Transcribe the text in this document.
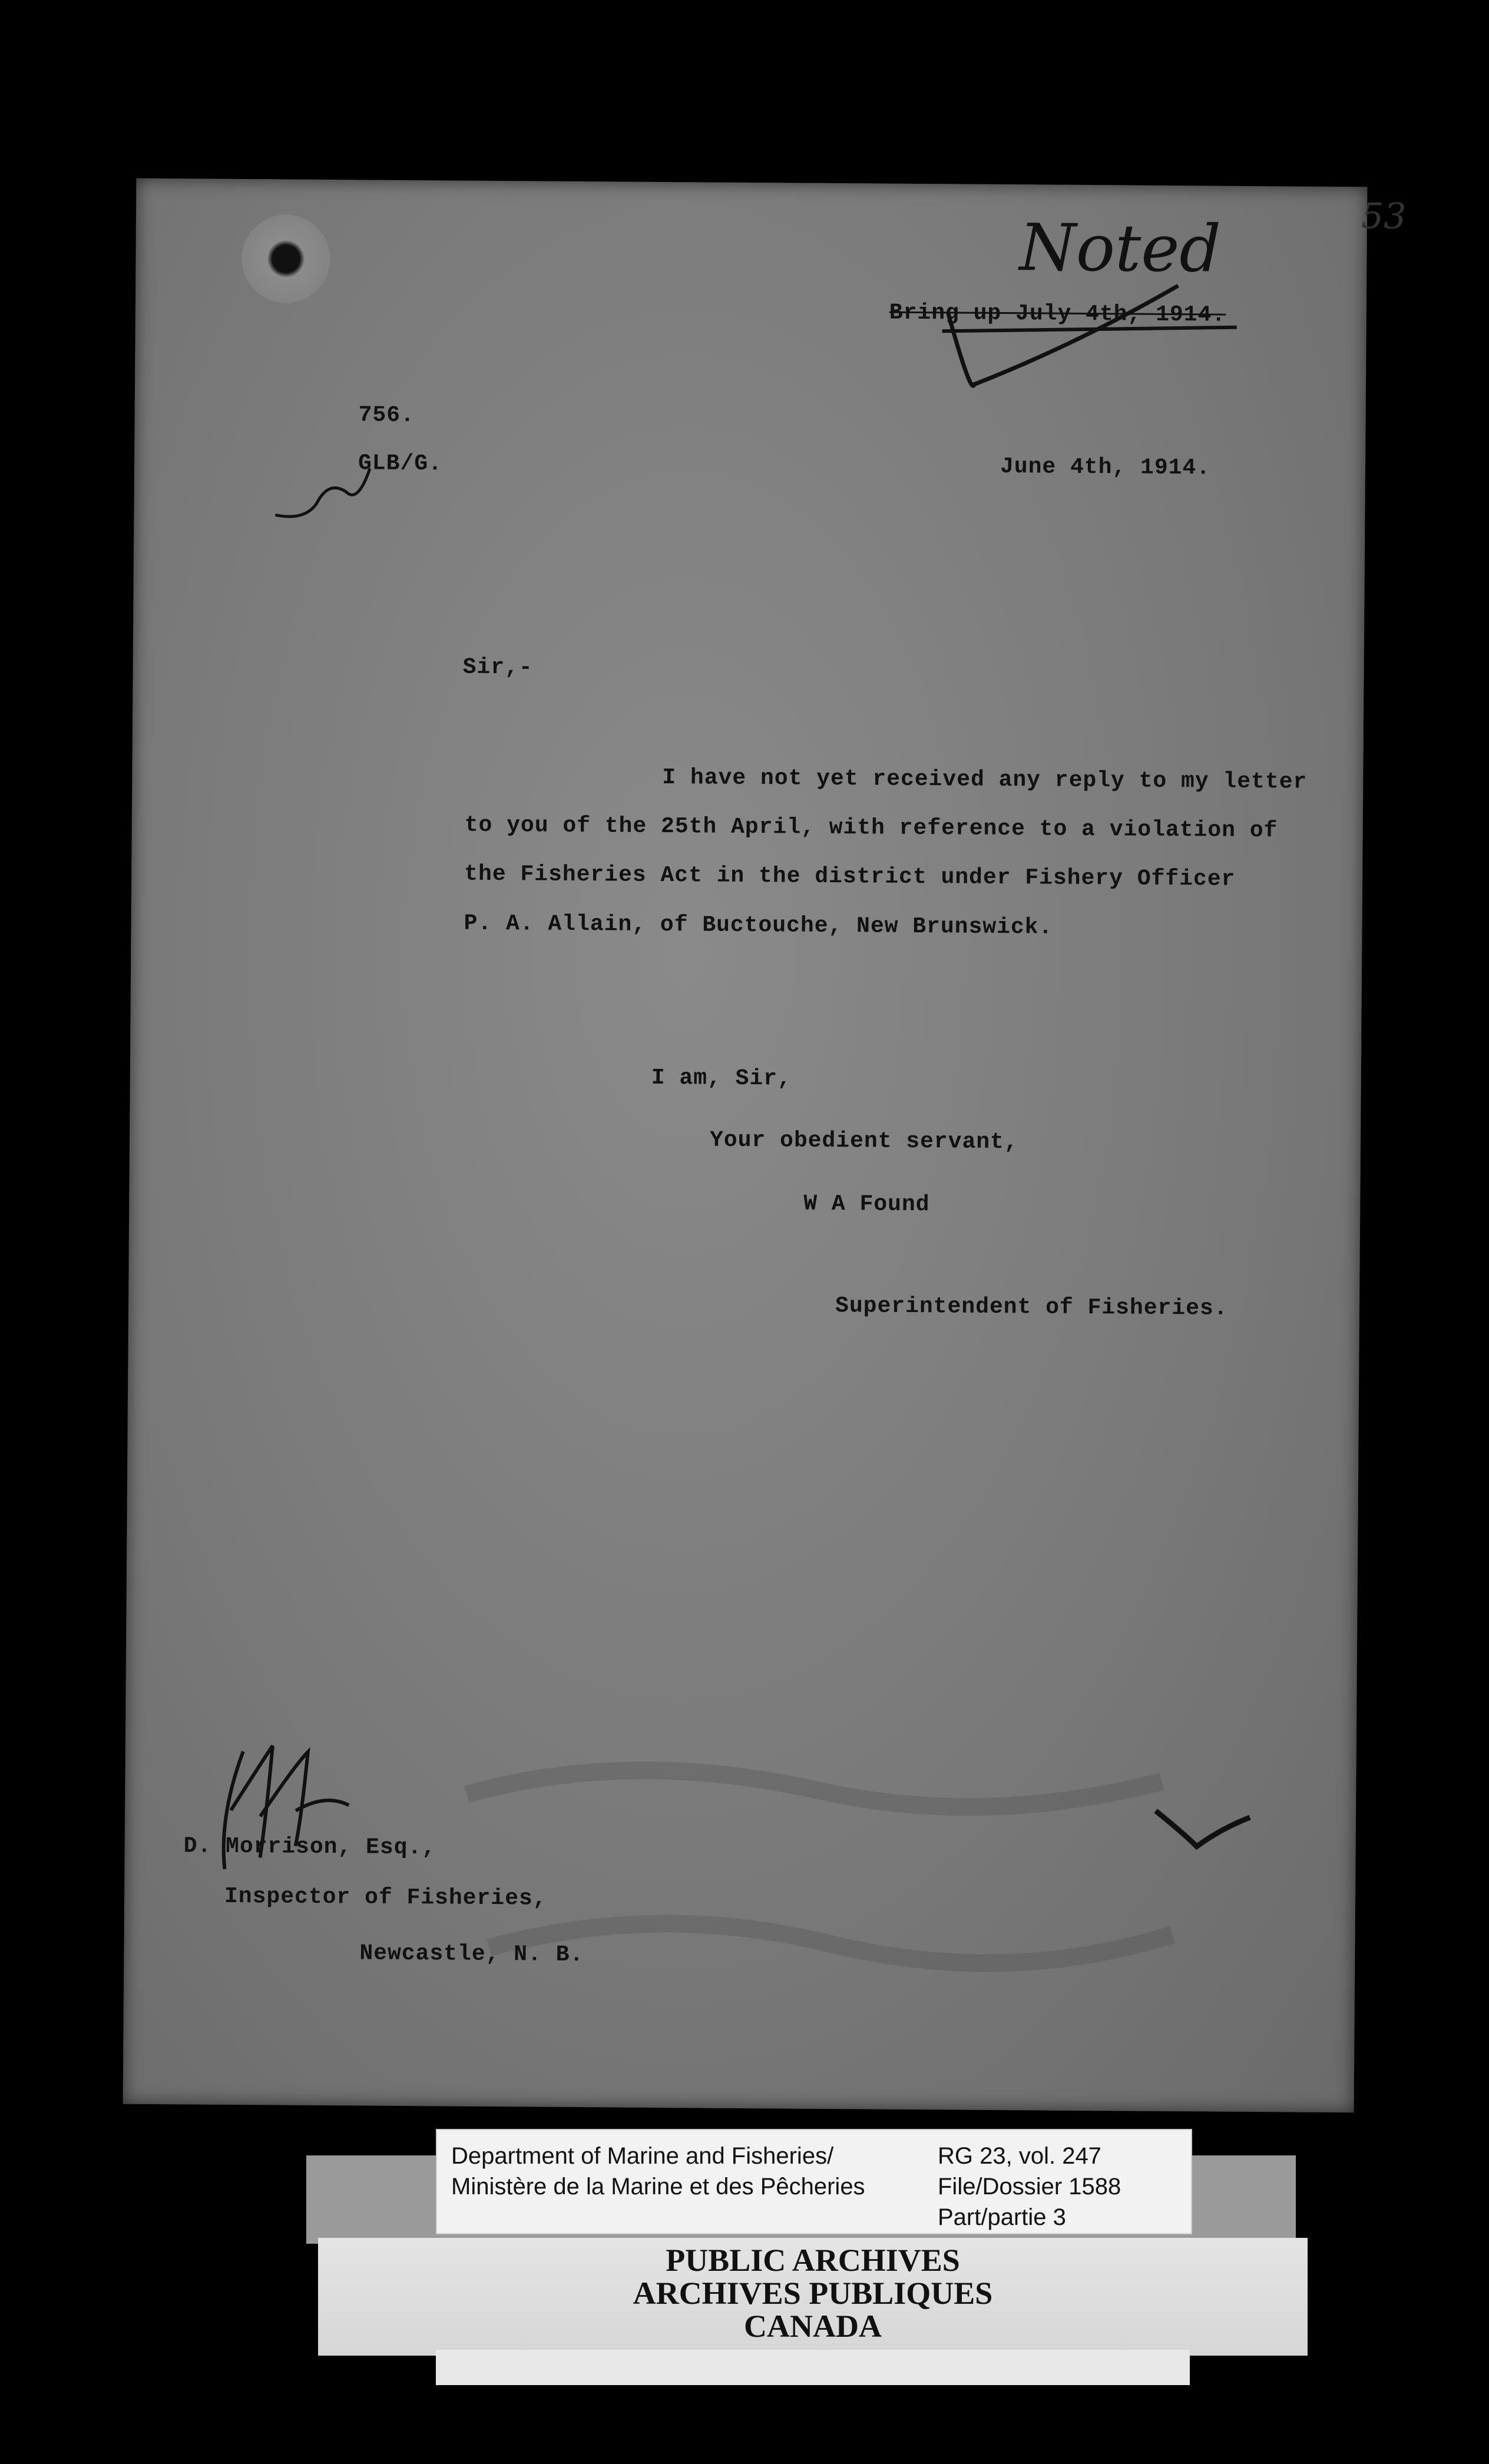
53
Noted
Bring up July 4th, 1914.
756.
GLB/G.	June 4th, 1914.
Sir,-
I have not yet received any reply to my letter
to you of the 25th April, with reference to a violation of
the Fisheries Act in the district under Fishery Officer
P. A. Allain, of Buctouche, New Brunswick.
I am, Sir,
Your obedient servant,
W A Found
Superintendent of Fisheries.
D. Morrison, Esq.,
Inspector of Fisheries,
Newcastle, N. B.
Department of Marine and Fisheries/
Ministère de la Marine et des Pêcheries
RG 23, vol. 247
File/Dossier 1588
Part/partie 3
PUBLIC ARCHIVES
ARCHIVES PUBLIQUES
CANADA
